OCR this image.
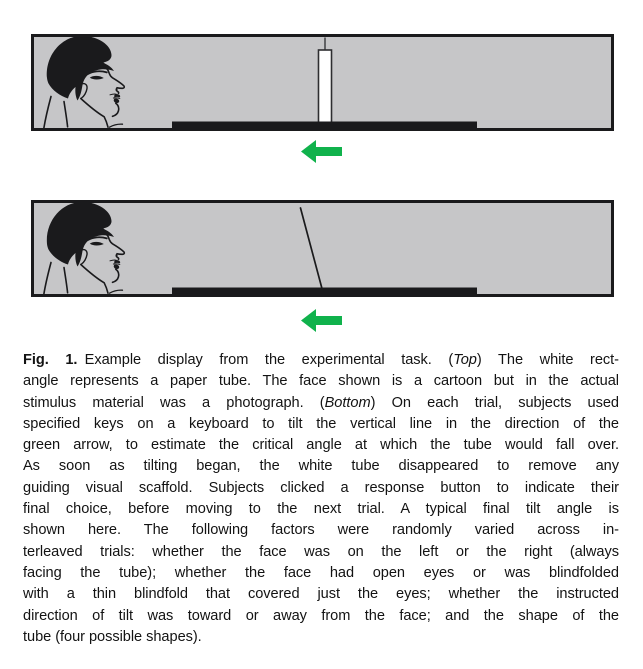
Fig. 1. Example display from the experimental task. (Top) The white rect-
angle represents a paper tube. The face shown is a cartoon but in the actual
stimulus material was a photograph. (Bottom) On each trial, subjects used
specified keys on a keyboard to tilt the vertical line in the direction of the
green arrow, to estimate the critical angle at which the tube would fall over.
As soon as tilting began, the white tube disappeared to remove any
guiding visual scaffold. Subjects clicked a response button to indicate their
final choice, before moving to the next trial. A typical final tilt angle is
shown here. The following factors were randomly varied across in-
terleaved trials: whether the face was on the left or the right (always
facing the tube); whether the face had open eyes or was blindfolded
with a thin blindfold that covered just the eyes; whether the instructed
direction of tilt was toward or away from the face; and the shape of the
tube (four possible shapes).
